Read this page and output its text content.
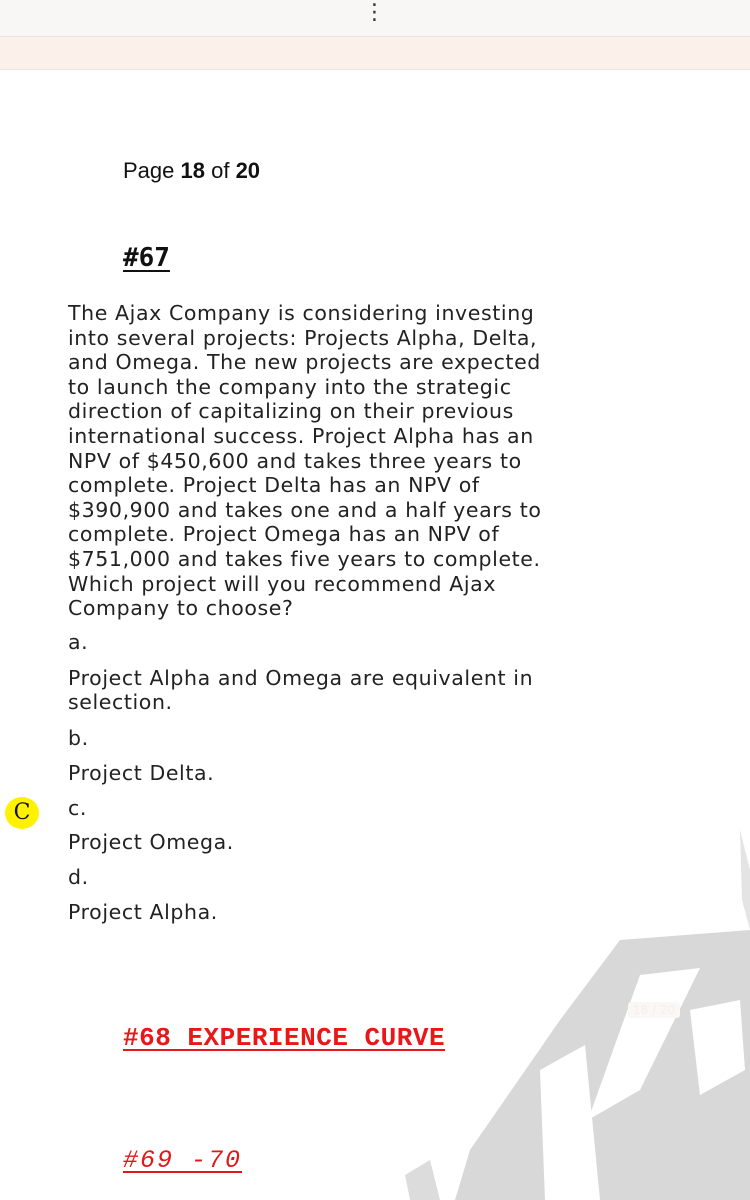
⋮
Page 18 of 20
#67
The Ajax Company is considering investing
into several projects: Projects Alpha, Delta,
and Omega. The new projects are expected
to launch the company into the strategic
direction of capitalizing on their previous
international success. Project Alpha has an
NPV of $450,600 and takes three years to
complete. Project Delta has an NPV of
$390,900 and takes one and a half years to
complete. Project Omega has an NPV of
$751,000 and takes five years to complete.
Which project will you recommend Ajax
Company to choose?
a.
Project Alpha and Omega are equivalent in
selection.
b.
Project Delta.
C	c.
Project Omega.
d.
Project Alpha.
18 / 20
#68 EXPERIENCE CURVE
#69 -70
